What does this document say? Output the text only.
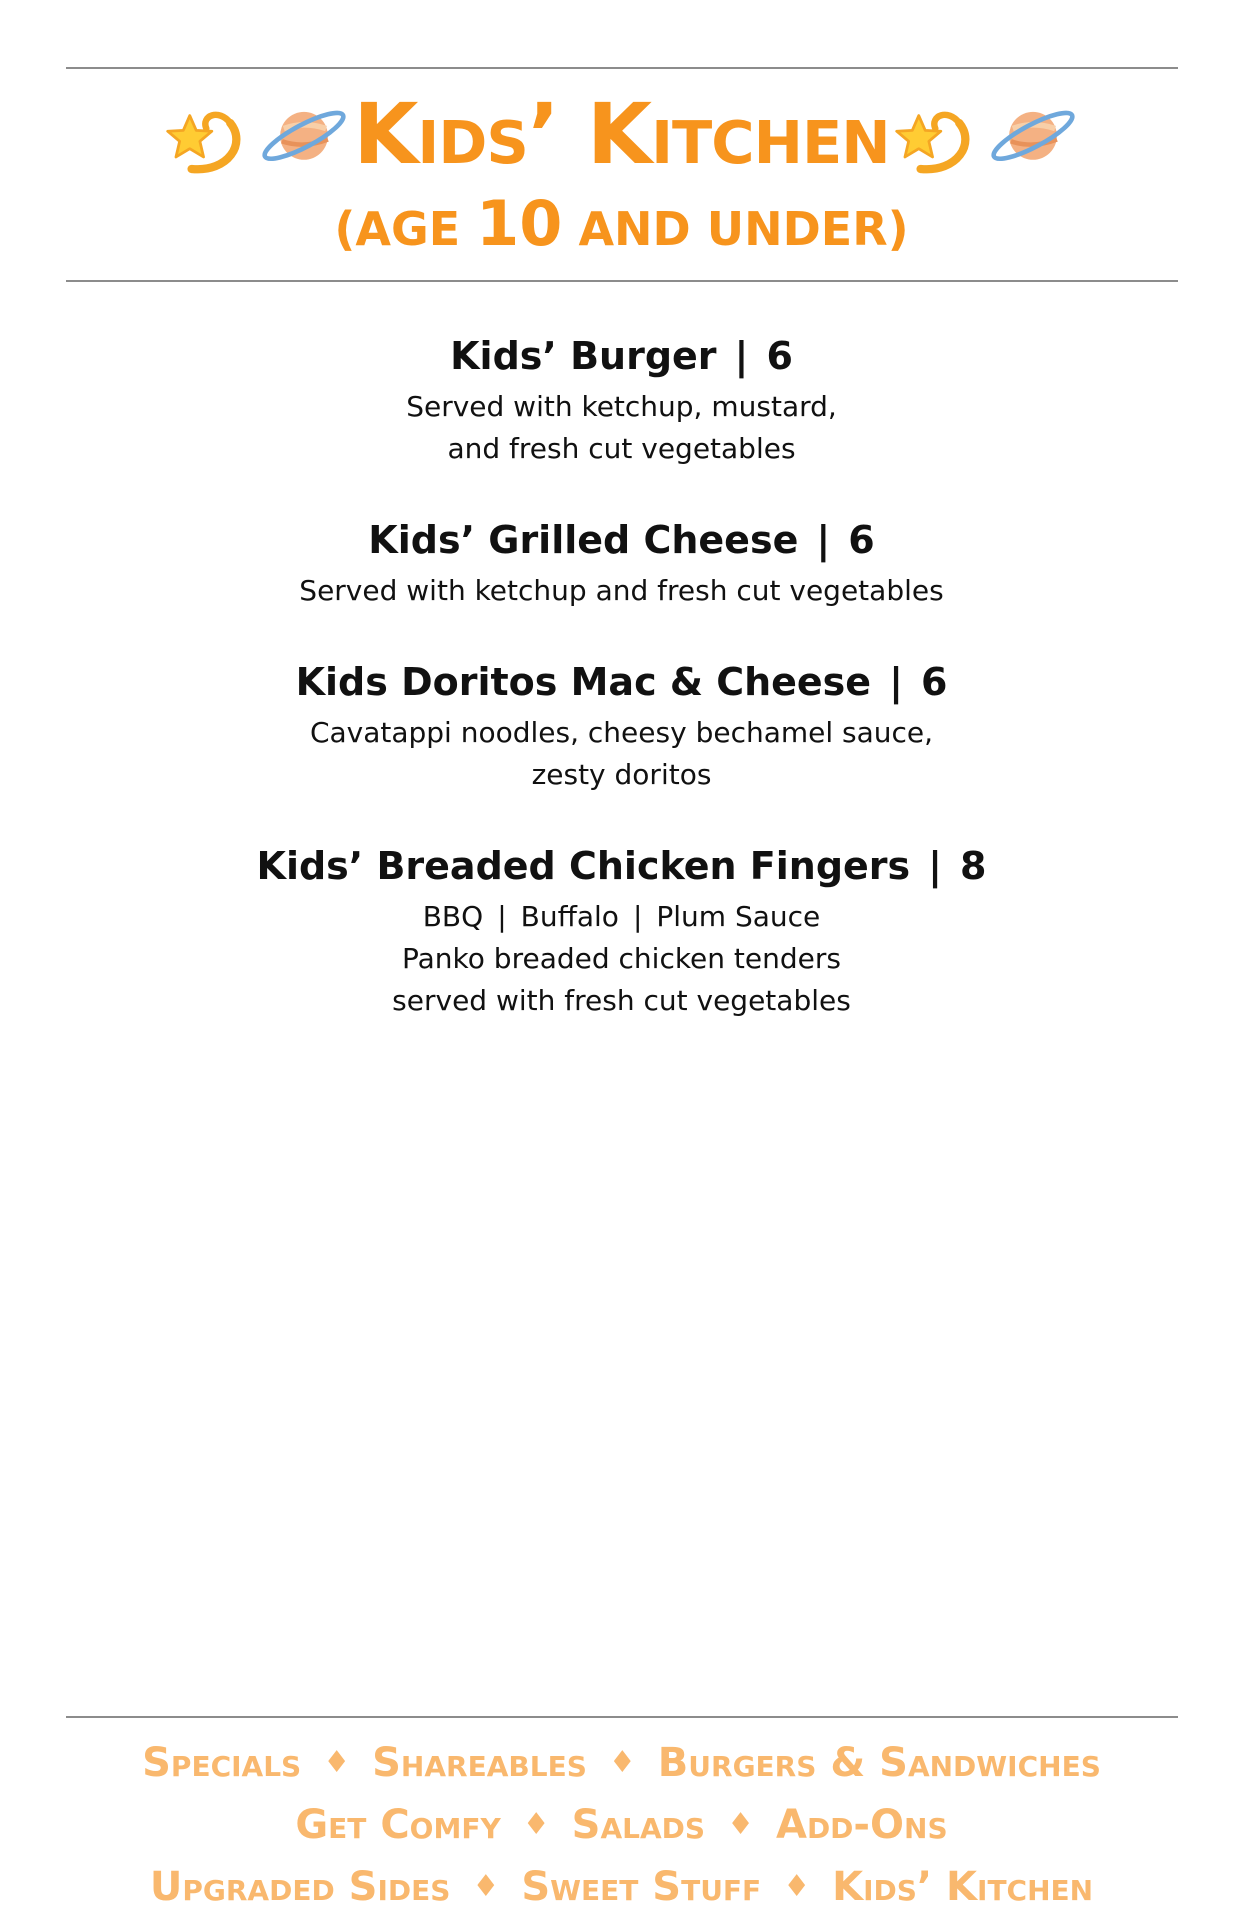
Kids’ Kitchen
(AGE 10 AND UNDER)
Kids’ Burger | 6
Served with ketchup, mustard,
and fresh cut vegetables
Kids’ Grilled Cheese | 6
Served with ketchup and fresh cut vegetables
Kids Doritos Mac & Cheese | 6
Cavatappi noodles, cheesy bechamel sauce,
zesty doritos
Kids’ Breaded Chicken Fingers | 8
BBQ | Buffalo | Plum Sauce
Panko breaded chicken tenders
served with fresh cut vegetables
Specials ♦ Shareables ♦ Burgers & Sandwiches
Get Comfy ♦ Salads ♦ Add-Ons
Upgraded Sides ♦ Sweet Stuff ♦ Kids’ Kitchen
